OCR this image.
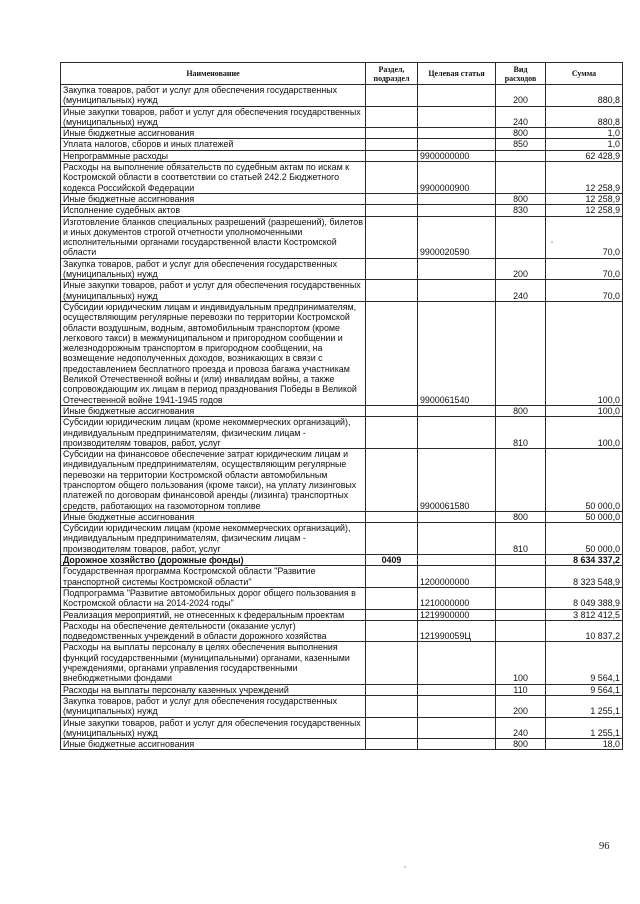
Наименование	Раздел, подраздел	Целевая статья	Вид расходов	Сумма
Закупка товаров, работ и услуг для обеспечения государственных (муниципальных) нужд			200	880,8
Иные закупки товаров, работ и услуг для обеспечения государственных (муниципальных) нужд			240	880,8
Иные бюджетные ассигнования			800	1,0
Уплата налогов, сборов и иных платежей			850	1,0
Непрограммные расходы		9900000000		62 428,9
Расходы на выполнение обязательств по судебным актам по искам к Костромской области в соответствии со статьей 242.2 Бюджетного кодекса Российской Федерации		9900000900		12 258,9
Иные бюджетные ассигнования			800	12 258,9
Исполнение судебных актов			830	12 258,9
Изготовление бланков специальных разрешений (разрешений), билетов и иных документов строгой отчетности уполномоченными исполнительными органами государственной власти Костромской области		9900020590		70,0
Закупка товаров, работ и услуг для обеспечения государственных (муниципальных) нужд			200	70,0
Иные закупки товаров, работ и услуг для обеспечения государственных (муниципальных) нужд			240	70,0
Субсидии юридическим лицам и индивидуальным предпринимателям, осуществляющим регулярные перевозки по территории Костромской области воздушным, водным, автомобильным транспортом (кроме легкового такси) в межмуниципальном и пригородном сообщении и железнодорожным транспортом в пригородном сообщении, на возмещение недополученных доходов, возникающих в связи с предоставлением бесплатного проезда и провоза багажа участникам Великой Отечественной войны и (или) инвалидам войны, а также сопровождающим их лицам в период празднования Победы в Великой Отечественной войне 1941-1945 годов		9900061540		100,0
Иные бюджетные ассигнования			800	100,0
Субсидии юридическим лицам (кроме некоммерческих организаций), индивидуальным предпринимателям, физическим лицам - производителям товаров, работ, услуг			810	100,0
Субсидии на финансовое обеспечение затрат юридическим лицам и индивидуальным предпринимателям, осуществляющим регулярные перевозки на территории Костромской области автомобильным транспортом общего пользования (кроме такси), на уплату лизинговых платежей по договорам финансовой аренды (лизинга) транспортных средств, работающих на газомоторном топливе		9900061580		50 000,0
Иные бюджетные ассигнования			800	50 000,0
Субсидии юридическим лицам (кроме некоммерческих организаций), индивидуальным предпринимателям, физическим лицам - производителям товаров, работ, услуг			810	50 000,0
Дорожное хозяйство (дорожные фонды)	0409			8 634 337,2
Государственная программа Костромской области "Развитие транспортной системы Костромской области"		1200000000		8 323 548,9
Подпрограмма "Развитие автомобильных дорог общего пользования в Костромской области на 2014-2024 годы"		1210000000		8 049 388,9
Реализация мероприятий, не отнесенных к федеральным проектам		1219900000		3 812 412,5
Расходы на обеспечение деятельности (оказание услуг) подведомственных учреждений в области дорожного хозяйства		121990059Ц		10 837,2
Расходы на выплаты персоналу в целях обеспечения выполнения функций государственными (муниципальными) органами, казенными учреждениями, органами управления государственными внебюджетными фондами			100	9 564,1
Расходы на выплаты персоналу казенных учреждений			110	9 564,1
Закупка товаров, работ и услуг для обеспечения государственных (муниципальных) нужд			200	1 255,1
Иные закупки товаров, работ и услуг для обеспечения государственных (муниципальных) нужд			240	1 255,1
Иные бюджетные ассигнования			800	18,0
96
